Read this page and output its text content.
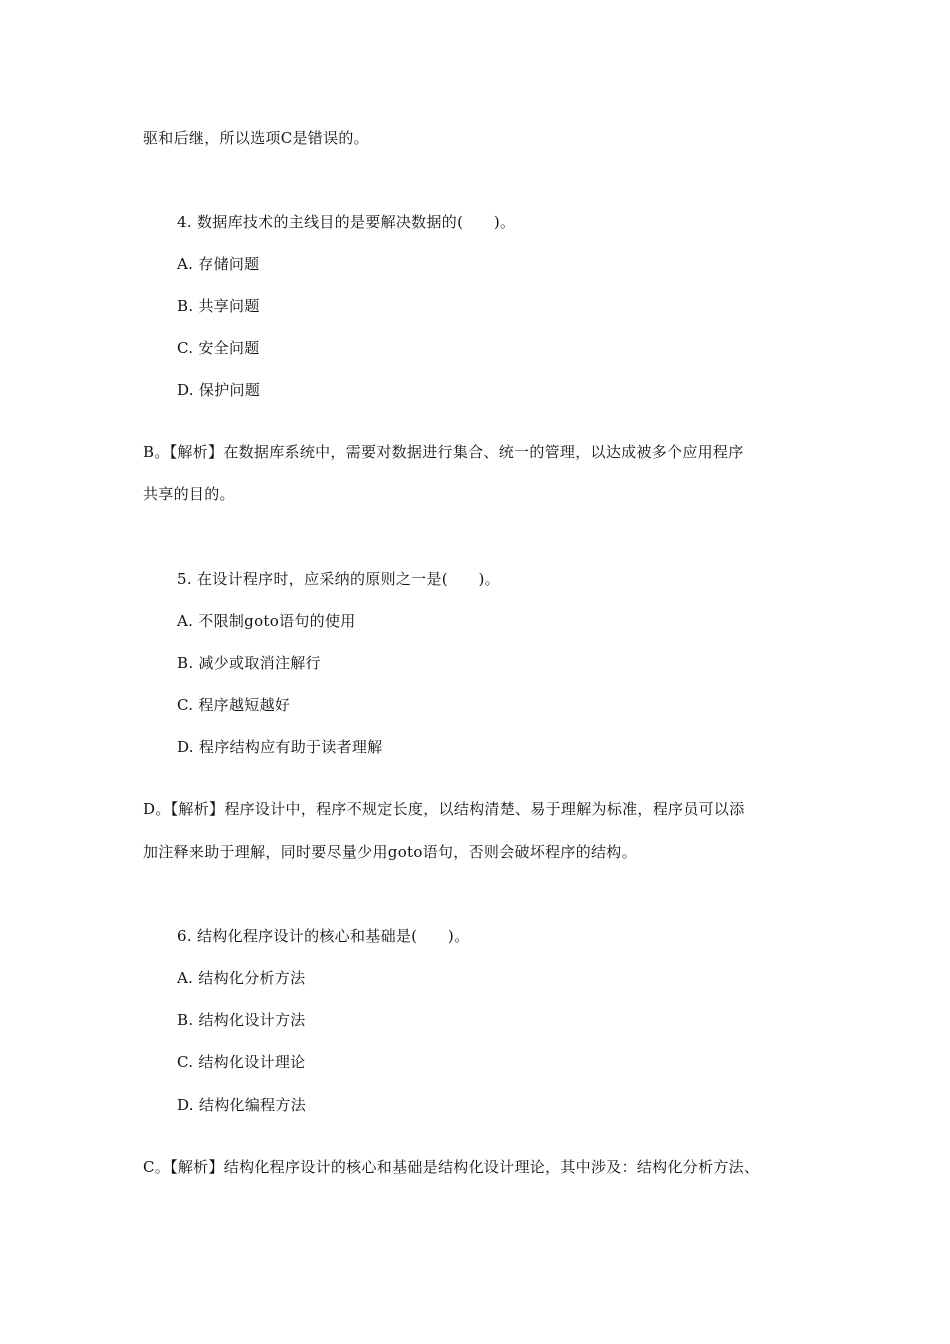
驱和后继，所以选项C是错误的。
4. 数据库技术的主线目的是要解决数据的(　　)。
A. 存储问题
B. 共享问题
C. 安全问题
D. 保护问题
B。【解析】在数据库系统中，需要对数据进行集合、统一的管理，以达成被多个应用程序
共享的目的。
5. 在设计程序时，应采纳的原则之一是(　　)。
A. 不限制goto语句的使用
B. 减少或取消注解行
C. 程序越短越好
D. 程序结构应有助于读者理解
D。【解析】程序设计中，程序不规定长度，以结构清楚、易于理解为标准，程序员可以添
加注释来助于理解，同时要尽量少用goto语句，否则会破坏程序的结构。
6. 结构化程序设计的核心和基础是(　　)。
A. 结构化分析方法
B. 结构化设计方法
C. 结构化设计理论
D. 结构化编程方法
C。【解析】结构化程序设计的核心和基础是结构化设计理论，其中涉及：结构化分析方法、
